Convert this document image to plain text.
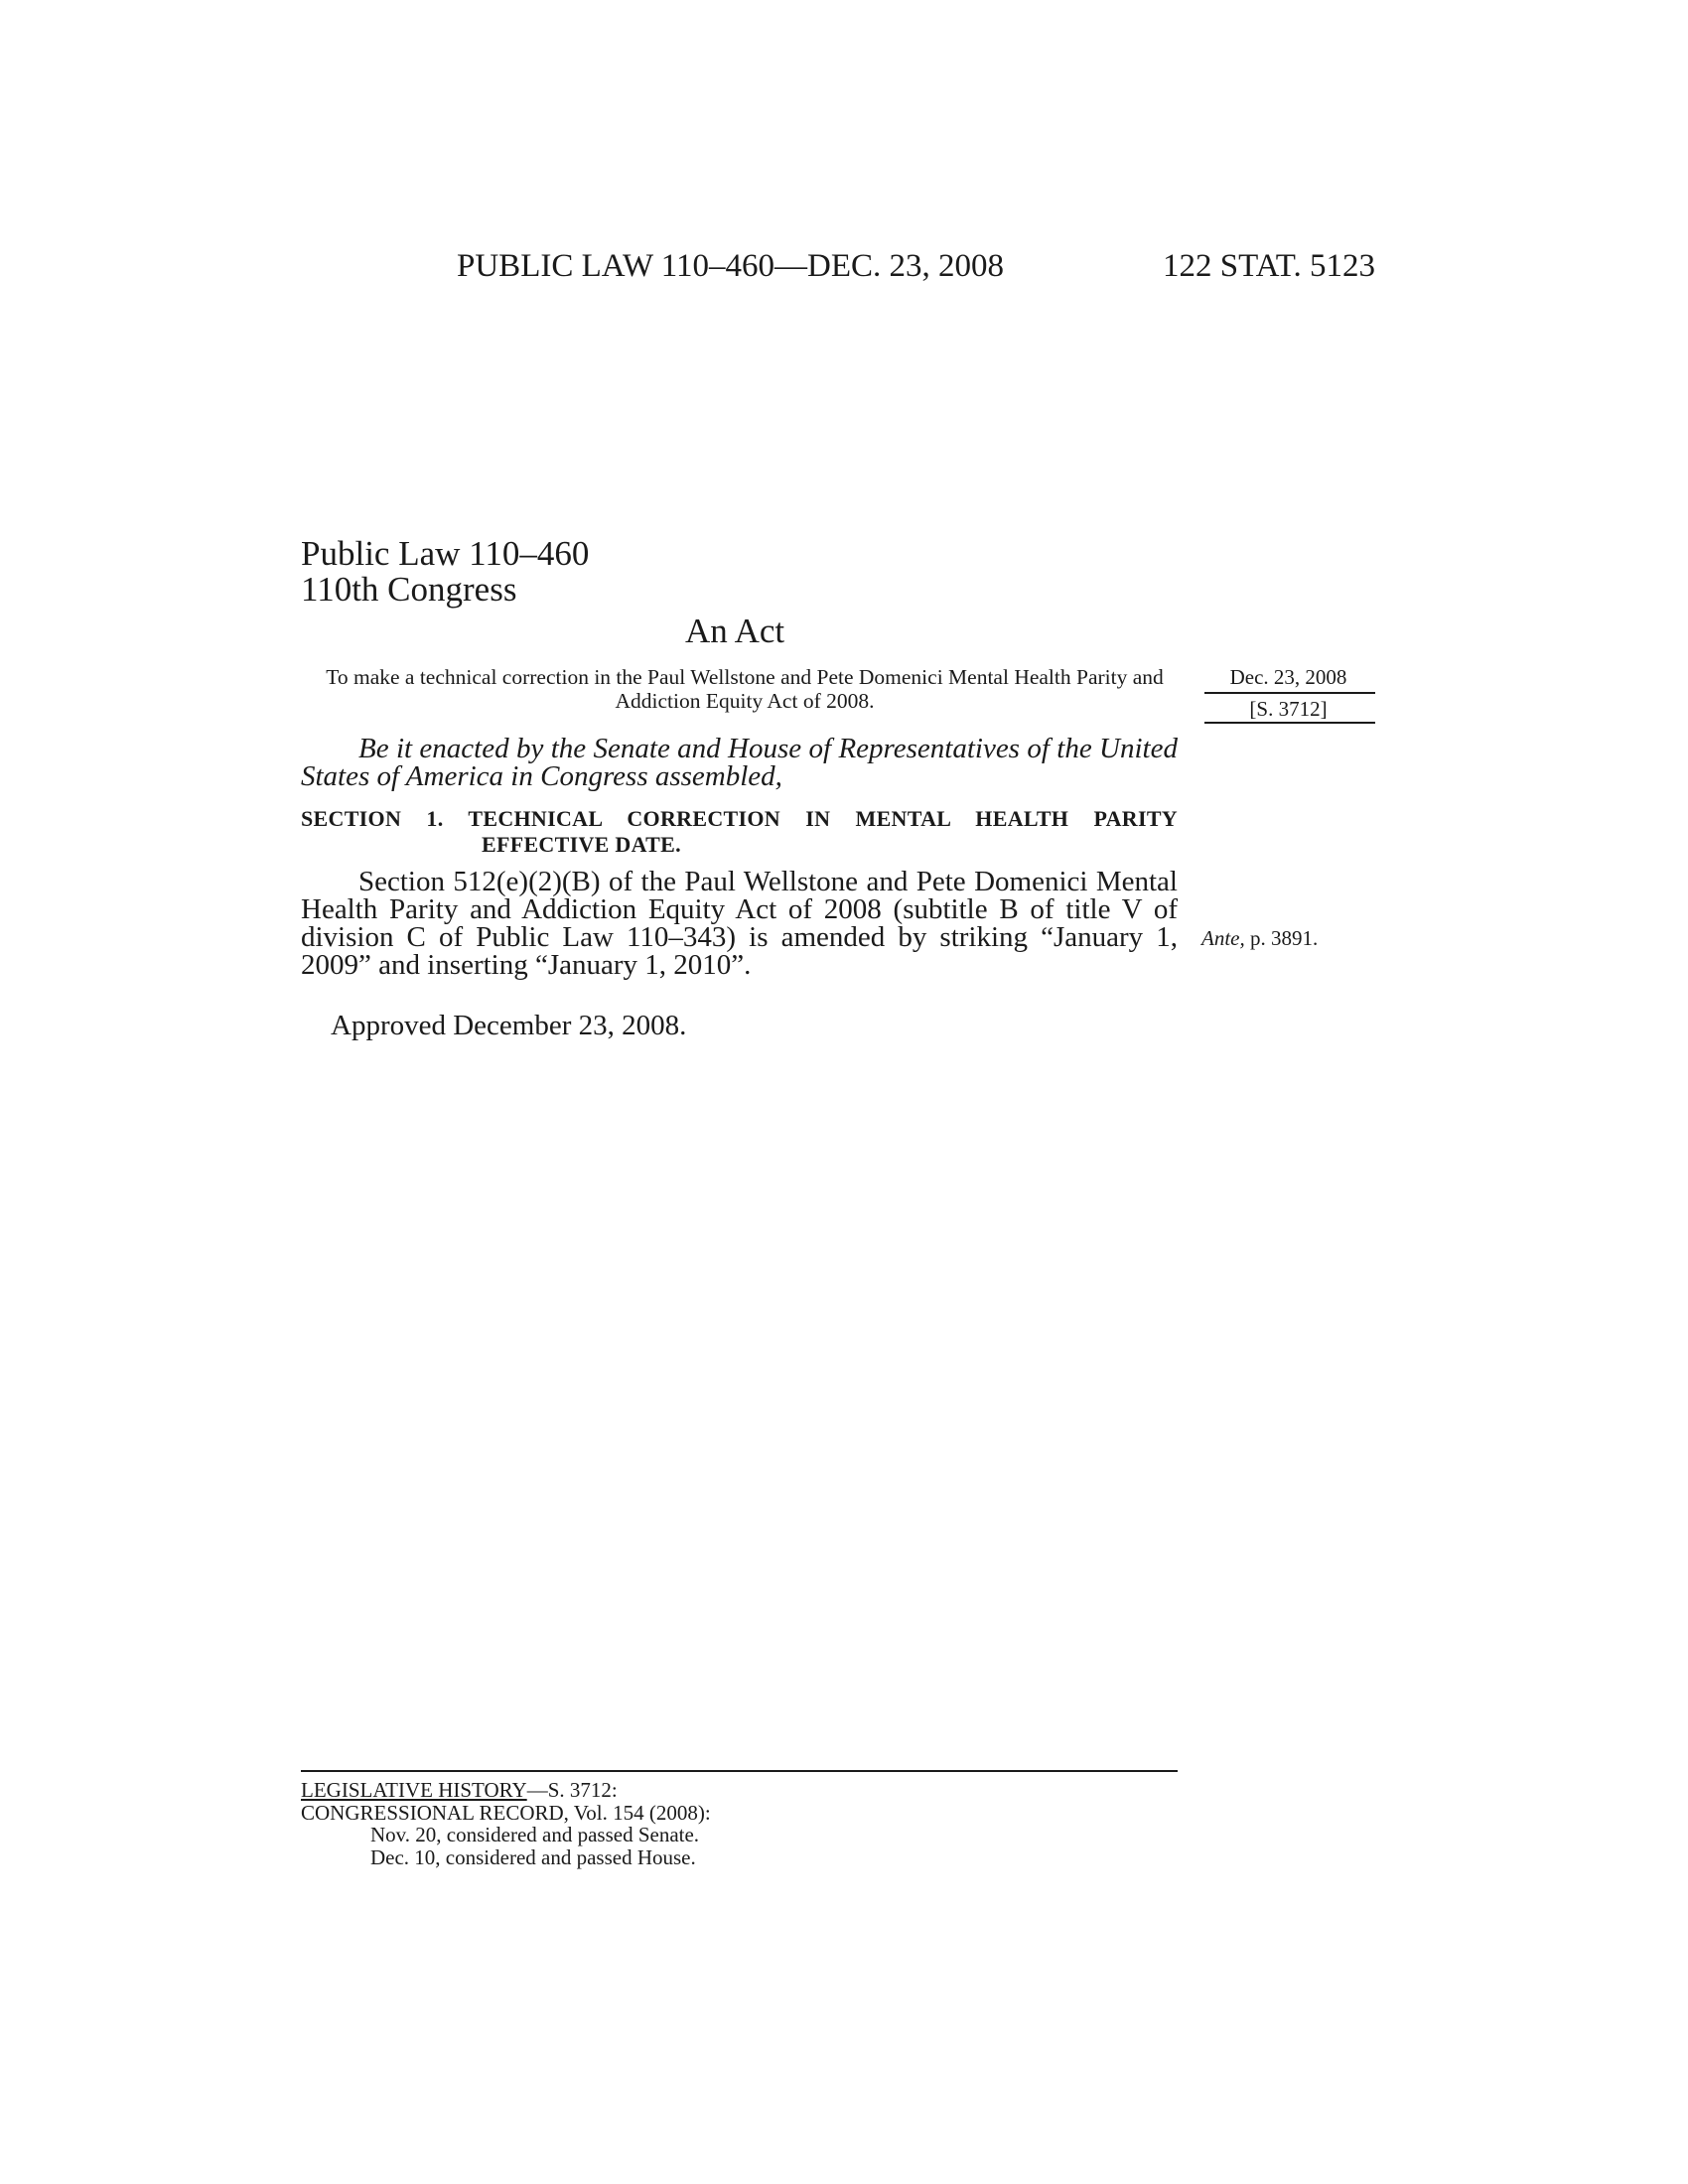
PUBLIC LAW 110–460—DEC. 23, 2008	122 STAT. 5123
Public Law 110–460
110th Congress
An Act
To make a technical correction in the Paul Wellstone and Pete Domenici Mental Health Parity and Addiction Equity Act of 2008.
Dec. 23, 2008
[S. 3712]
Be it enacted by the Senate and House of Representatives of the United States of America in Congress assembled,
SECTION 1. TECHNICAL CORRECTION IN MENTAL HEALTH PARITY
EFFECTIVE DATE.
Section 512(e)(2)(B) of the Paul Wellstone and Pete Domenici Mental Health Parity and Addiction Equity Act of 2008 (subtitle B of title V of division C of Public Law 110–343) is amended by striking “January 1, 2009” and inserting “January 1, 2010”.
Ante, p. 3891.
Approved December 23, 2008.
LEGISLATIVE HISTORY—S. 3712:
CONGRESSIONAL RECORD, Vol. 154 (2008):
Nov. 20, considered and passed Senate.
Dec. 10, considered and passed House.
